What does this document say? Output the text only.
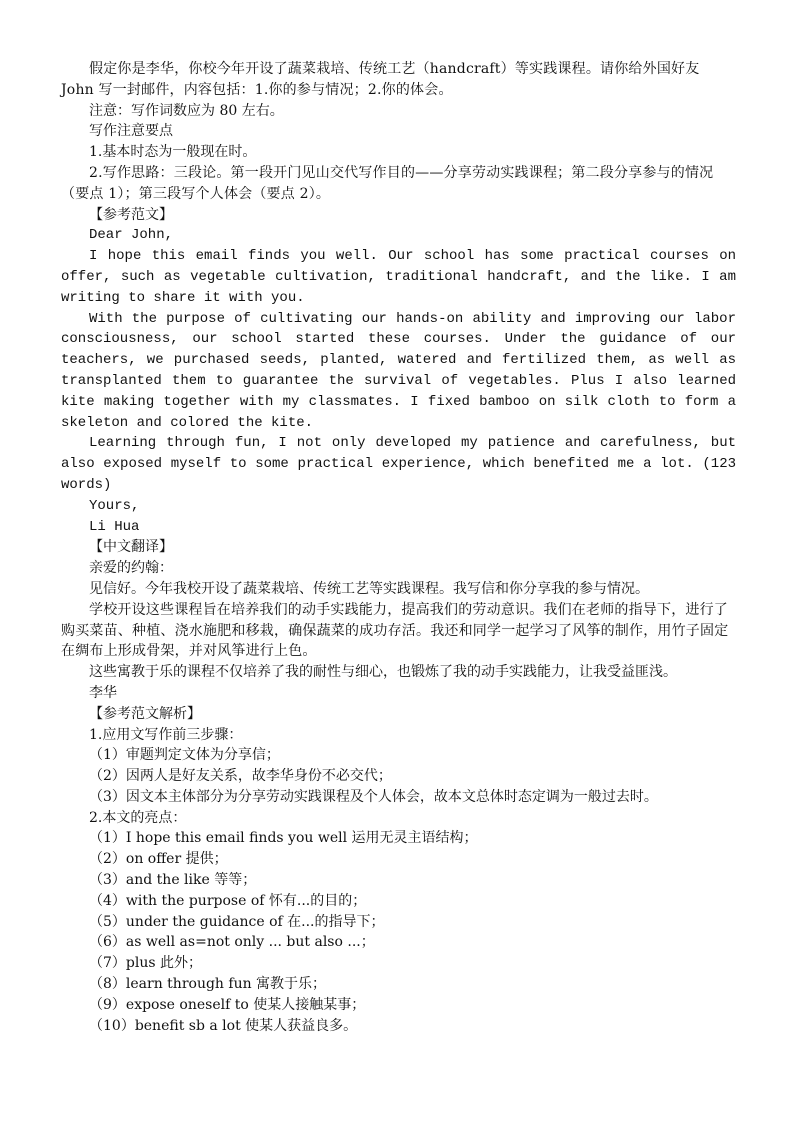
假定你是李华，你校今年开设了蔬菜栽培、传统工艺（handcraft）等实践课程。请你给外国好友 John 写一封邮件，内容包括：1.你的参与情况；2.你的体会。

注意：写作词数应为 80 左右。

写作注意要点

1.基本时态为一般现在时。

2.写作思路：三段论。第一段开门见山交代写作目的——分享劳动实践课程；第二段分享参与的情况（要点 1）；第三段写个人体会（要点 2）。

【参考范文】

Dear John,

I hope this email finds you well. Our school has some practical courses on offer, such as vegetable cultivation, traditional handcraft, and the like. I am writing to share it with you.

With the purpose of cultivating our hands-on ability and improving our labor consciousness, our school started these courses. Under the guidance of our teachers, we purchased seeds, planted, watered and fertilized them, as well as transplanted them to guarantee the survival of vegetables. Plus I also learned kite making together with my classmates. I fixed bamboo on silk cloth to form a skeleton and colored the kite.

Learning through fun, I not only developed my patience and carefulness, but also exposed myself to some practical experience, which benefited me a lot. (123 words)

Yours,

Li Hua

【中文翻译】

亲爱的约翰：

见信好。今年我校开设了蔬菜栽培、传统工艺等实践课程。我写信和你分享我的参与情况。

学校开设这些课程旨在培养我们的动手实践能力，提高我们的劳动意识。我们在老师的指导下，进行了购买菜苗、种植、浇水施肥和移栽，确保蔬菜的成功存活。我还和同学一起学习了风筝的制作，用竹子固定在绸布上形成骨架，并对风筝进行上色。

这些寓教于乐的课程不仅培养了我的耐性与细心，也锻炼了我的动手实践能力，让我受益匪浅。

李华

【参考范文解析】

1.应用文写作前三步骤：

（1）审题判定文体为分享信；

（2）因两人是好友关系，故李华身份不必交代；

（3）因文本主体部分为分享劳动实践课程及个人体会，故本文总体时态定调为一般过去时。

2.本文的亮点：

（1）I hope this email finds you well 运用无灵主语结构；

（2）on offer 提供；

（3）and the like 等等；

（4）with the purpose of 怀有...的目的；

（5）under the guidance of 在...的指导下；

（6）as well as=not only ... but also ...；

（7）plus 此外；

（8）learn through fun 寓教于乐；

（9）expose oneself to 使某人接触某事；

（10）benefit sb a lot 使某人获益良多。
